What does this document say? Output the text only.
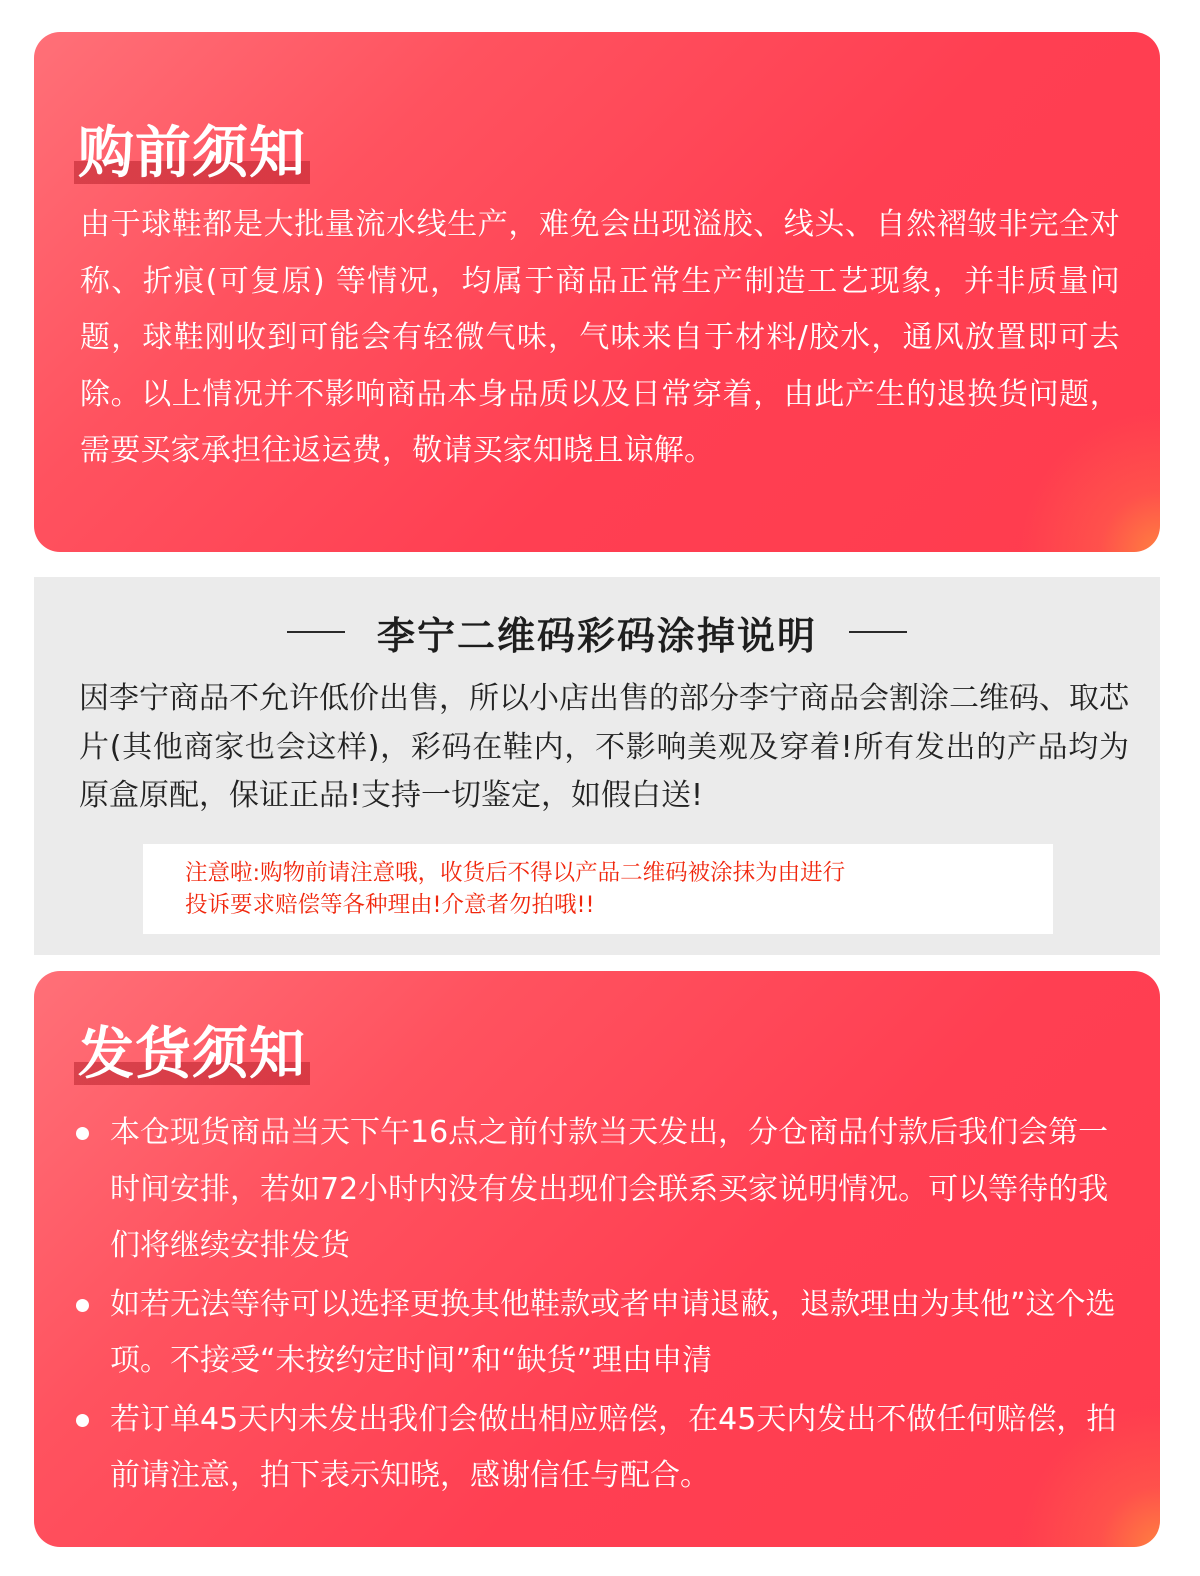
购前须知

由于球鞋都是大批量流水线生产，难免会出现溢胶、线头、自然褶皱非完全对称、折痕(可复原) 等情况，均属于商品正常生产制造工艺现象，并非质量问题，球鞋刚收到可能会有轻微气味，气味来自于材料/胶水，通风放置即可去除。以上情况并不影响商品本身品质以及日常穿着，由此产生的退换货问题，需要买家承担往返运费，敬请买家知晓且谅解。

李宁二维码彩码涂掉说明

因李宁商品不允许低价出售，所以小店出售的部分李宁商品会割涂二维码、取芯片(其他商家也会这样)，彩码在鞋内，不影响美观及穿着!所有发出的产品均为原盒原配，保证正品!支持一切鉴定，如假白送!

注意啦:购物前请注意哦，收货后不得以产品二维码被涂抹为由进行
投诉要求赔偿等各种理由!介意者勿拍哦!!
发货须知
本仓现货商品当天下午16点之前付款当天发出，分仓商品付款后我们会第一时间安排，若如72小时内没有发出现们会联系买家说明情况。可以等待的我们将继续安排发货
如若无法等待可以选择更换其他鞋款或者申请退蔽，退款理由为其他”这个选项。不接受“未按约定时间”和“缺货”理由申清
若订单45天内未发出我们会做出相应赔偿，在45天内发出不做任何赔偿，拍前请注意，拍下表示知晓，感谢信任与配合。
